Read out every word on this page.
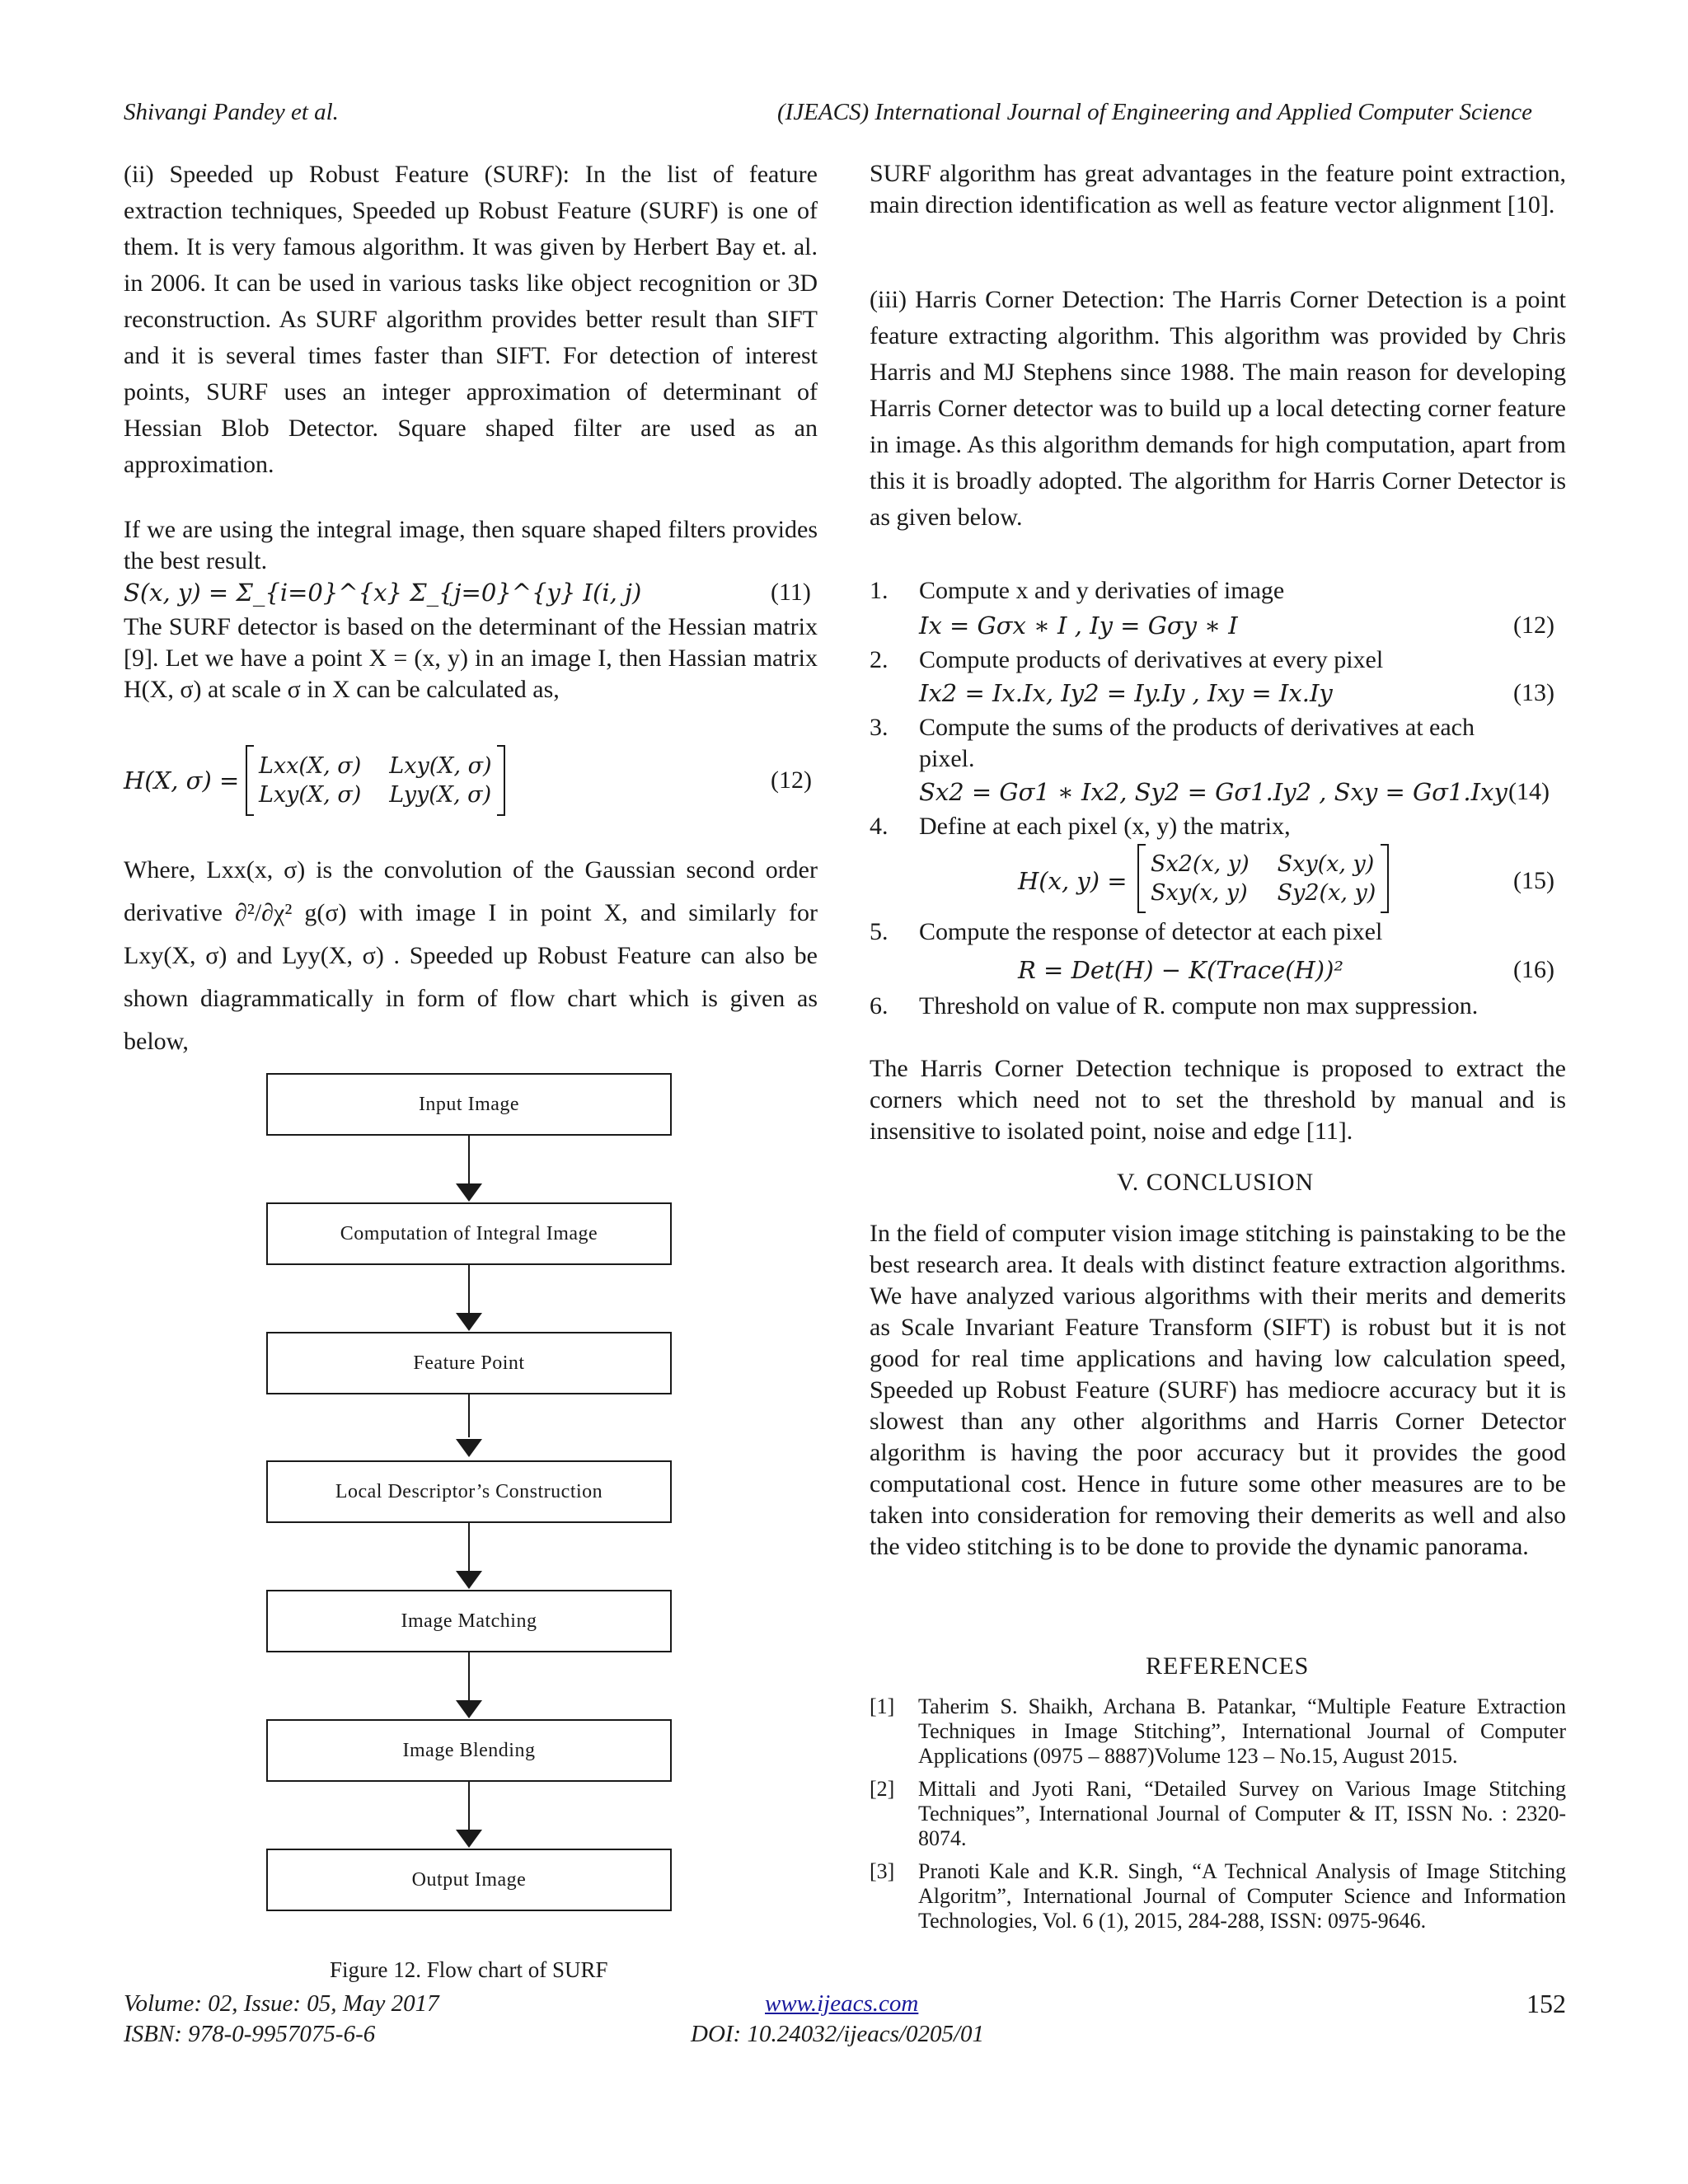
Shivangi Pandey et al.	(IJEACS) International Journal of Engineering and Applied Computer Science

(ii) Speeded up Robust Feature (SURF): In the list of feature extraction techniques, Speeded up Robust Feature (SURF) is one of them. It is very famous algorithm. It was given by Herbert Bay et. al. in 2006. It can be used in various tasks like object recognition or 3D reconstruction. As SURF algorithm provides better result than SIFT and it is several times faster than SIFT. For detection of interest points, SURF uses an integer approximation of determinant of Hessian Blob Detector. Square shaped filter are used as an approximation.

If we are using the integral image, then square shaped filters provides the best result.

S(x, y) = Σ_{i=0}^{x} Σ_{j=0}^{y} I(i, j)	(11)

The SURF detector is based on the determinant of the Hessian matrix [9]. Let we have a point X = (x, y) in an image I, then Hassian matrix H(X, σ) at scale σ in X can be calculated as,

H(X, σ) =
Lxx(X, σ) Lxy(X, σ)
Lxy(X, σ) Lyy(X, σ)
(12)

Where, Lxx(x, σ) is the convolution of the Gaussian second order derivative ∂²/∂χ² g(σ) with image I in point X, and similarly for Lxy(X, σ) and Lyy(X, σ) . Speeded up Robust Feature can also be shown diagrammatically in form of flow chart which is given as below,

Input Image
Computation of Integral Image
Feature Point
Local Descriptor’s Construction
Image Matching
Image Blending
Output Image
Figure 12. Flow chart of SURF

SURF algorithm has great advantages in the feature point extraction, main direction identification as well as feature vector alignment [10].

(iii) Harris Corner Detection: The Harris Corner Detection is a point feature extracting algorithm. This algorithm was provided by Chris Harris and MJ Stephens since 1988. The main reason for developing Harris Corner detector was to build up a local detecting corner feature in image. As this algorithm demands for high computation, apart from this it is broadly adopted. The algorithm for Harris Corner Detector is as given below.

1. Compute x and y derivaties of image
Ix = Gσx ∗ I , Iy = Gσy ∗ I	(12)
2. Compute products of derivatives at every pixel
Ix2 = Ix.Ix, Iy2 = Iy.Iy , Ixy = Ix.Iy	(13)
3. Compute the sums of the products of derivatives at each
pixel.
Sx2 = Gσ1 ∗ Ix2, Sy2 = Gσ1.Iy2 , Sxy = Gσ1.Ixy (14)
4. Define at each pixel (x, y) the matrix,
H(x, y) =
Sx2(x, y) Sxy(x, y)
Sxy(x, y) Sy2(x, y)	(15)
5. Compute the response of detector at each pixel
R = Det(H) − K(Trace(H))²	(16)
6. Threshold on value of R. compute non max suppression.

The Harris Corner Detection technique is proposed to extract the corners which need not to set the threshold by manual and is insensitive to isolated point, noise and edge [11].

V. CONCLUSION

In the field of computer vision image stitching is painstaking to be the best research area. It deals with distinct feature extraction algorithms. We have analyzed various algorithms with their merits and demerits as Scale Invariant Feature Transform (SIFT) is robust but it is not good for real time applications and having low calculation speed, Speeded up Robust Feature (SURF) has mediocre accuracy but it is slowest than any other algorithms and Harris Corner Detector algorithm is having the poor accuracy but it provides the good computational cost. Hence in future some other measures are to be taken into consideration for removing their demerits as well and also the video stitching is to be done to provide the dynamic panorama.

REFERENCES
[1] Taherim S. Shaikh, Archana B. Patankar, “Multiple Feature Extraction Techniques in Image Stitching”, International Journal of Computer Applications (0975 – 8887)Volume 123 – No.15, August 2015.
[2] Mittali and Jyoti Rani, “Detailed Survey on Various Image Stitching Techniques”, International Journal of Computer & IT, ISSN No. : 2320-8074.
[3] Pranoti Kale and K.R. Singh, “A Technical Analysis of Image Stitching Algoritm”, International Journal of Computer Science and Information Technologies, Vol. 6 (1), 2015, 284-288, ISSN: 0975-9646.
Volume: 02, Issue: 05, May 2017
ISBN: 978-0-9957075-6-6
www.ijeacs.com
DOI: 10.24032/ijeacs/0205/01
152
